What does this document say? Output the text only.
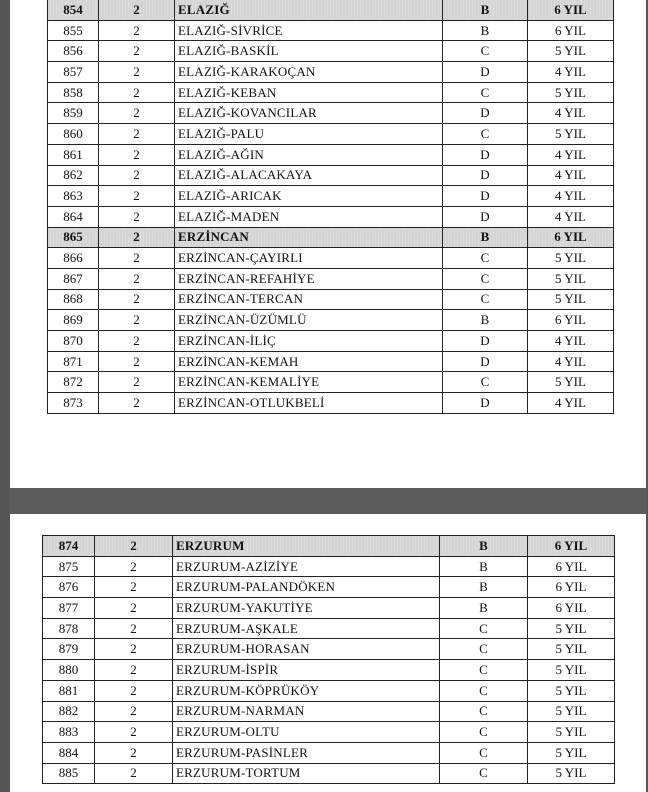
854	2	ELAZIĞ	B	6 YIL
855	2	ELAZIĞ-SİVRİCE	B	6 YIL
856	2	ELAZIĞ-BASKİL	C	5 YIL
857	2	ELAZIĞ-KARAKOÇAN	D	4 YIL
858	2	ELAZIĞ-KEBAN	C	5 YIL
859	2	ELAZIĞ-KOVANCILAR	D	4 YIL
860	2	ELAZIĞ-PALU	C	5 YIL
861	2	ELAZIĞ-AĞIN	D	4 YIL
862	2	ELAZIĞ-ALACAKAYA	D	4 YIL
863	2	ELAZIĞ-ARICAK	D	4 YIL
864	2	ELAZIĞ-MADEN	D	4 YIL
865	2	ERZİNCAN	B	6 YIL
866	2	ERZİNCAN-ÇAYIRLI	C	5 YIL
867	2	ERZİNCAN-REFAHİYE	C	5 YIL
868	2	ERZİNCAN-TERCAN	C	5 YIL
869	2	ERZİNCAN-ÜZÜMLÜ	B	6 YIL
870	2	ERZİNCAN-İLİÇ	D	4 YIL
871	2	ERZİNCAN-KEMAH	D	4 YIL
872	2	ERZİNCAN-KEMALİYE	C	5 YIL
873	2	ERZİNCAN-OTLUKBELİ	D	4 YIL
874	2	ERZURUM	B	6 YIL
875	2	ERZURUM-AZİZİYE	B	6 YIL
876	2	ERZURUM-PALANDÖKEN	B	6 YIL
877	2	ERZURUM-YAKUTİYE	B	6 YIL
878	2	ERZURUM-AŞKALE	C	5 YIL
879	2	ERZURUM-HORASAN	C	5 YIL
880	2	ERZURUM-İSPİR	C	5 YIL
881	2	ERZURUM-KÖPRÜKÖY	C	5 YIL
882	2	ERZURUM-NARMAN	C	5 YIL
883	2	ERZURUM-OLTU	C	5 YIL
884	2	ERZURUM-PASİNLER	C	5 YIL
885	2	ERZURUM-TORTUM	C	5 YIL
